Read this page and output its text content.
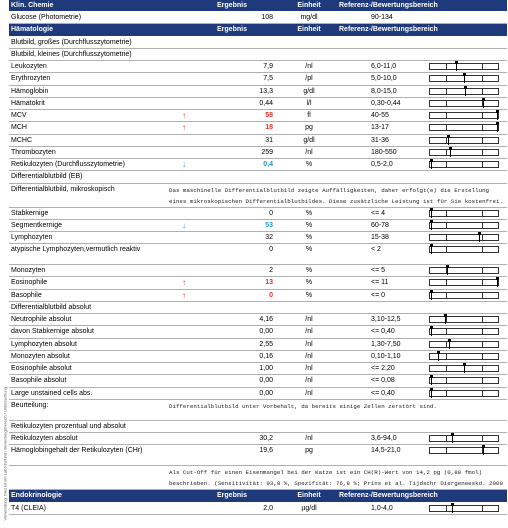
Verwendung: Dies ist ein Laborbefund / Bewertungsbereich / Untersuchung
Klin. Chemie	Ergebnis	Einheit	Referenz-/Bewertungsbereich
Glucose (Photometrie)	108	mg/dl	90-134
Hämatologie	Ergebnis	Einheit	Referenz-/Bewertungsbereich
Blutbild, großes (Durchflusszytometrie)
Blutbild, kleines (Durchflusszytometrie)
Leukozyten	7,9	/nl	6,0-11,0
Erythrozyten	7,5	/pl	5,0-10,0
Hämoglobin	13,3	g/dl	8,0-15,0
Hämatokrit	0,44	l/l	0,30-0,44
MCV	↑	58	fl	40-55
MCH	↑	18	pg	13-17
MCHC	31	g/dl	31-36
Thrombozyten	259	/nl	180-550
Retikulozyten (Durchflusszytometrie)	↓	0,4	%	0,5-2,0
Differentialblutbild (EB)
Differentialblutbild, mikroskopisch	Das maschinelle Differentialblutbild zeigte Auffälligkeiten, daher erfolgt(e) die Erstellung eines mikroskopischen Differentialblutbildes. Diese zusätzliche Leistung ist für Sie kostenfrei.
Stabkernige	0	%	<= 4
Segmentkernige	↓	53	%	60-78
Lymphozyten	32	%	15-38
atypische Lymphozyten,vermutlich reaktiv	0	%	< 2
Monozyten	2	%	<= 5
Eosinophile	↑	13	%	<= 11
Basophile	↑	0	%	<= 0
Differentialblutbild absolut
Neutrophile absolut	4,16	/nl	3,10-12,5
davon Stabkernige absolut	0,00	/nl	<= 0,40
Lymphozyten absolut	2,55	/nl	1,30-7,50
Monozyten absolut	0,16	/nl	0,10-1,10
Eosinophile absolut	1,00	/nl	<= 2,20
Basophile absolut	0,00	/nl	<= 0,08
Large unstained cells abs.	0,00	/nl	<= 0,40
Beurteilung:	Differentialblutbild unter Vorbehalt, da bereits einige Zellen zerstört sind.
Retikulozyten prozentual und absolut
Retikulozyten absolut	30,2	/nl	3,6-94,0
Hämoglobingehalt der Retikulozyten (CHr)	19,6	pg	14,5-21,0
Als Cut-Off für einen Eisenmangel bei der Katze ist ein CH(R)-Wert von 14,2 pg (0,88 fmol) beschrieben. (Sensitivität: 93,8 %, Spezifität: 76,9 %; Prins et al. Tijdschr Diergeneeskd. 2009
Endokrinologie	Ergebnis	Einheit	Referenz-/Bewertungsbereich
T4 (CLEIA)	2,0	µg/dl	1,0-4,0
